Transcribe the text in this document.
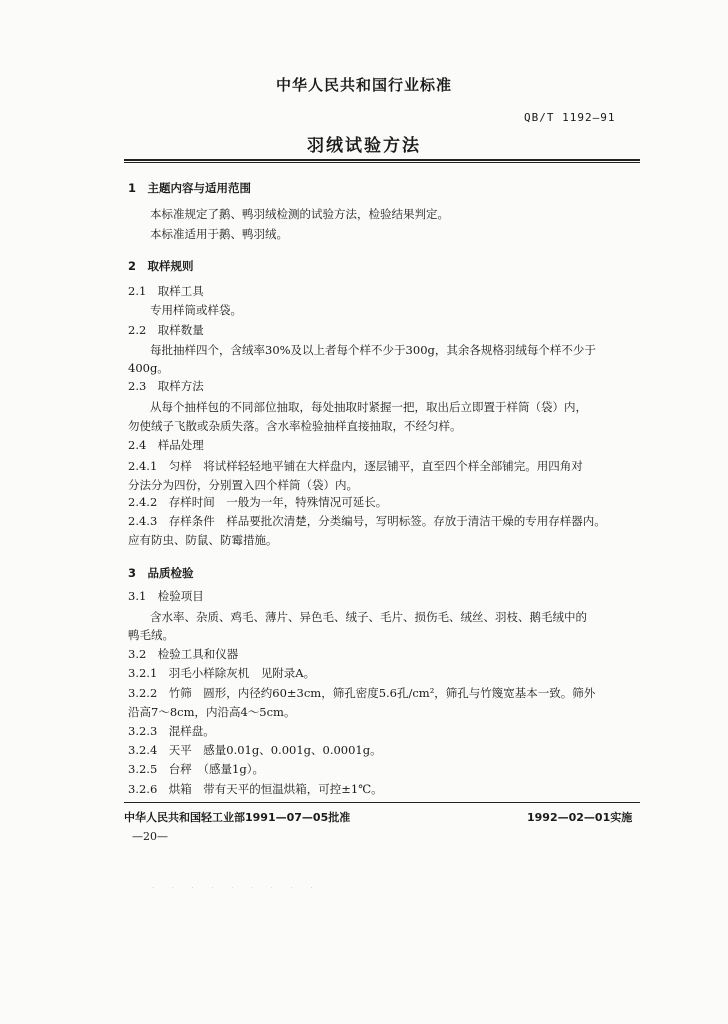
中华人民共和国行业标准
QB/T 1192—91
羽绒试验方法
1　主题内容与适用范围
本标准规定了鹅、鸭羽绒检测的试验方法，检验结果判定。
本标准适用于鹅、鸭羽绒。
2　取样规则
2.1　取样工具
专用样筒或样袋。
2.2　取样数量
每批抽样四个，含绒率30%及以上者每个样不少于300g，其余各规格羽绒每个样不少于
400g。
2.3　取样方法
从每个抽样包的不同部位抽取，每处抽取时紧握一把，取出后立即置于样筒（袋）内，
勿使绒子飞散或杂质失落。含水率检验抽样直接抽取，不经匀样。
2.4　样品处理
2.4.1　匀样　将试样轻轻地平铺在大样盘内，逐层铺平，直至四个样全部铺完。用四角对
分法分为四份，分别置入四个样筒（袋）内。
2.4.2　存样时间　一般为一年，特殊情况可延长。
2.4.3　存样条件　样品要批次清楚，分类编号，写明标签。存放于清洁干燥的专用存样器内。
应有防虫、防鼠、防霉措施。
3　品质检验
3.1　检验项目
含水率、杂质、鸡毛、薄片、异色毛、绒子、毛片、损伤毛、绒丝、羽枝、鹅毛绒中的
鸭毛绒。
3.2　检验工具和仪器
3.2.1　羽毛小样除灰机　见附录A。
3.2.2　竹筛　圆形，内径约60±3cm，筛孔密度5.6孔/cm²，筛孔与竹篾宽基本一致。筛外
沿高7～8cm，内沿高4～5cm。
3.2.3　混样盘。
3.2.4　天平　感量0.01g、0.001g、0.0001g。
3.2.5　台秤　（感量1g）。
3.2.6　烘箱　带有天平的恒温烘箱，可控±1℃。
中华人民共和国轻工业部1991—07—05批准	1992—02—01实施
—20—
· · · · · · · · ·
